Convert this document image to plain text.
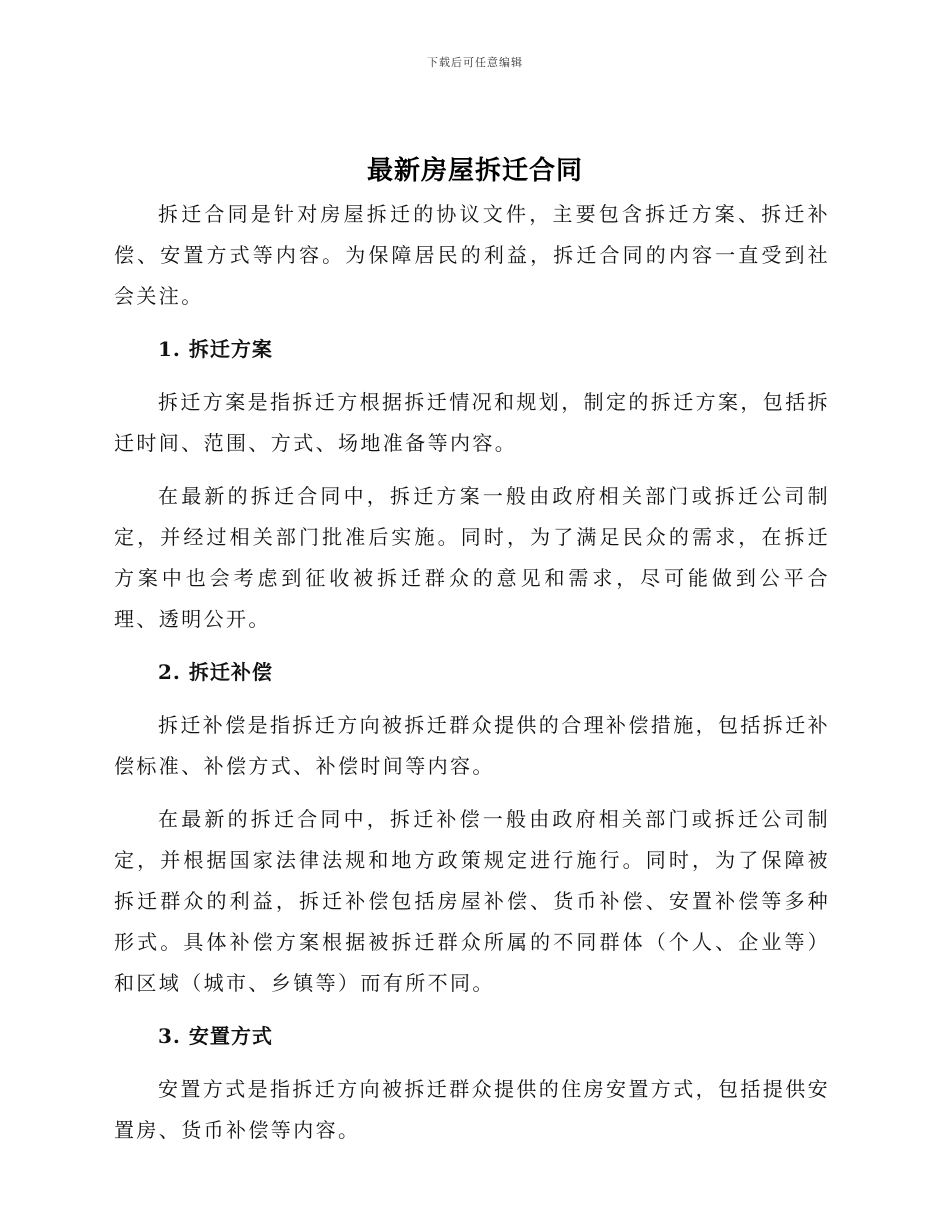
下载后可任意编辑
最新房屋拆迁合同

拆迁合同是针对房屋拆迁的协议文件，主要包含拆迁方案、拆迁补偿、安置方式等内容。为保障居民的利益，拆迁合同的内容一直受到社会关注。

1. 拆迁方案

拆迁方案是指拆迁方根据拆迁情况和规划，制定的拆迁方案，包括拆迁时间、范围、方式、场地准备等内容。

在最新的拆迁合同中，拆迁方案一般由政府相关部门或拆迁公司制定，并经过相关部门批准后实施。同时，为了满足民众的需求，在拆迁方案中也会考虑到征收被拆迁群众的意见和需求，尽可能做到公平合理、透明公开。

2. 拆迁补偿

拆迁补偿是指拆迁方向被拆迁群众提供的合理补偿措施，包括拆迁补偿标准、补偿方式、补偿时间等内容。

在最新的拆迁合同中，拆迁补偿一般由政府相关部门或拆迁公司制定，并根据国家法律法规和地方政策规定进行施行。同时，为了保障被拆迁群众的利益，拆迁补偿包括房屋补偿、货币补偿、安置补偿等多种形式。具体补偿方案根据被拆迁群众所属的不同群体（个人、企业等）和区域（城市、乡镇等）而有所不同。

3. 安置方式

安置方式是指拆迁方向被拆迁群众提供的住房安置方式，包括提供安置房、货币补偿等内容。
